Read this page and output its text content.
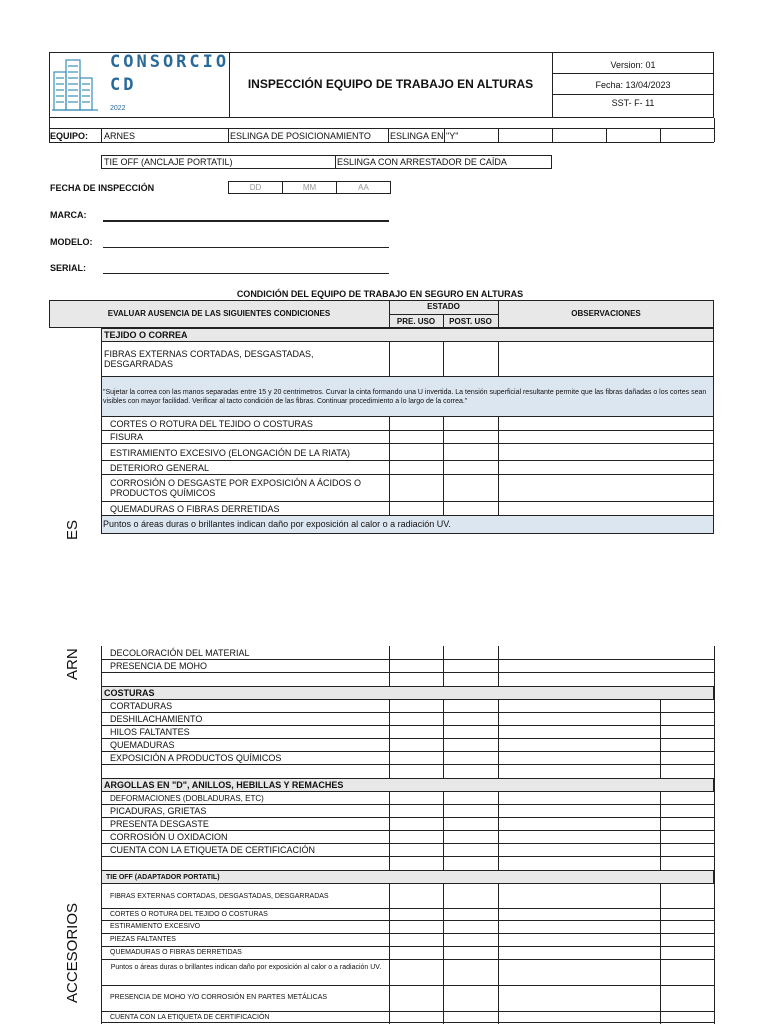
CONSORCIO
CD
2022
INSPECCIÓN EQUIPO DE TRABAJO EN ALTURAS
Version: 01
Fecha: 13/04/2023
SST- F- 11
EQUIPO: ARNES	ESLINGA DE POSICIONAMIENTO ESLINGA EN "Y"
TIE OFF (ANCLAJE PORTATIL)	ESLINGA CON ARRESTADOR DE CAÍDA
FECHA DE INSPECCIÓN	DD	MM	AA
MARCA:
MODELO:
SERIAL:
CONDICIÓN DEL EQUIPO DE TRABAJO EN SEGURO EN ALTURAS
EVALUAR AUSENCIA DE LAS SIGUIENTES CONDICIONES
ESTADO
PRE. USO	POST. USO
OBSERVACIONES
TEJIDO O CORREA
FIBRAS EXTERNAS CORTADAS, DESGASTADAS, DESGARRADAS
"Sujetar la correa con las manos separadas entre 15 y 20 centrimetros. Curvar la cinta formando una U invertida. La tensión superficial resultante permite que las fibras dañadas o los cortes sean visibles con mayor facilidad. Verificar al tacto condición de las fibras. Continuar procedimiento a lo largo de la correa."
CORTES O ROTURA DEL TEJIDO O COSTURAS
FISURA
ESTIRAMIENTO EXCESIVO (ELONGACIÓN DE LA RIATA)
DETERIORO GENERAL
CORROSIÓN O DESGASTE POR EXPOSICIÓN A ÁCIDOS O PRODUCTOS QUÍMICOS
QUEMADURAS O FIBRAS DERRETIDAS
Puntos o áreas duras o brillantes indican daño por exposición al calor o a radiación UV.
ES
ARN	DECOLORACIÓN DEL MATERIAL
PRESENCIA DE MOHO
COSTURAS
CORTADURAS
DESHILACHAMIENTO
HILOS FALTANTES
QUEMADURAS
EXPOSICIÓN A PRODUCTOS QUÍMICOS
ARGOLLAS EN "D", ANILLOS, HEBILLAS Y REMACHES
DEFORMACIONES (DOBLADURAS, ETC)
PICADURAS, GRIETAS
PRESENTA DESGASTE
CORROSIÓN U OXIDACION
CUENTA CON LA ETIQUETA DE CERTIFICACIÓN
TIE OFF (ADAPTADOR PORTATIL)
FIBRAS EXTERNAS CORTADAS, DESGASTADAS, DESGARRADAS
CORTES O ROTURA DEL TEJIDO O COSTURAS
ESTIRAMIENTO EXCESIVO
PIEZAS FALTANTES
QUEMADURAS O FIBRAS DERRETIDAS
Puntos o áreas duras o brillantes indican daño por exposición al calor o a radiación UV.
PRESENCIA DE MOHO Y/O CORROSIÓN EN PARTES METÁLICAS
CUENTA CON LA ETIQUETA DE CERTIFICACIÓN
ACCESORIOS
